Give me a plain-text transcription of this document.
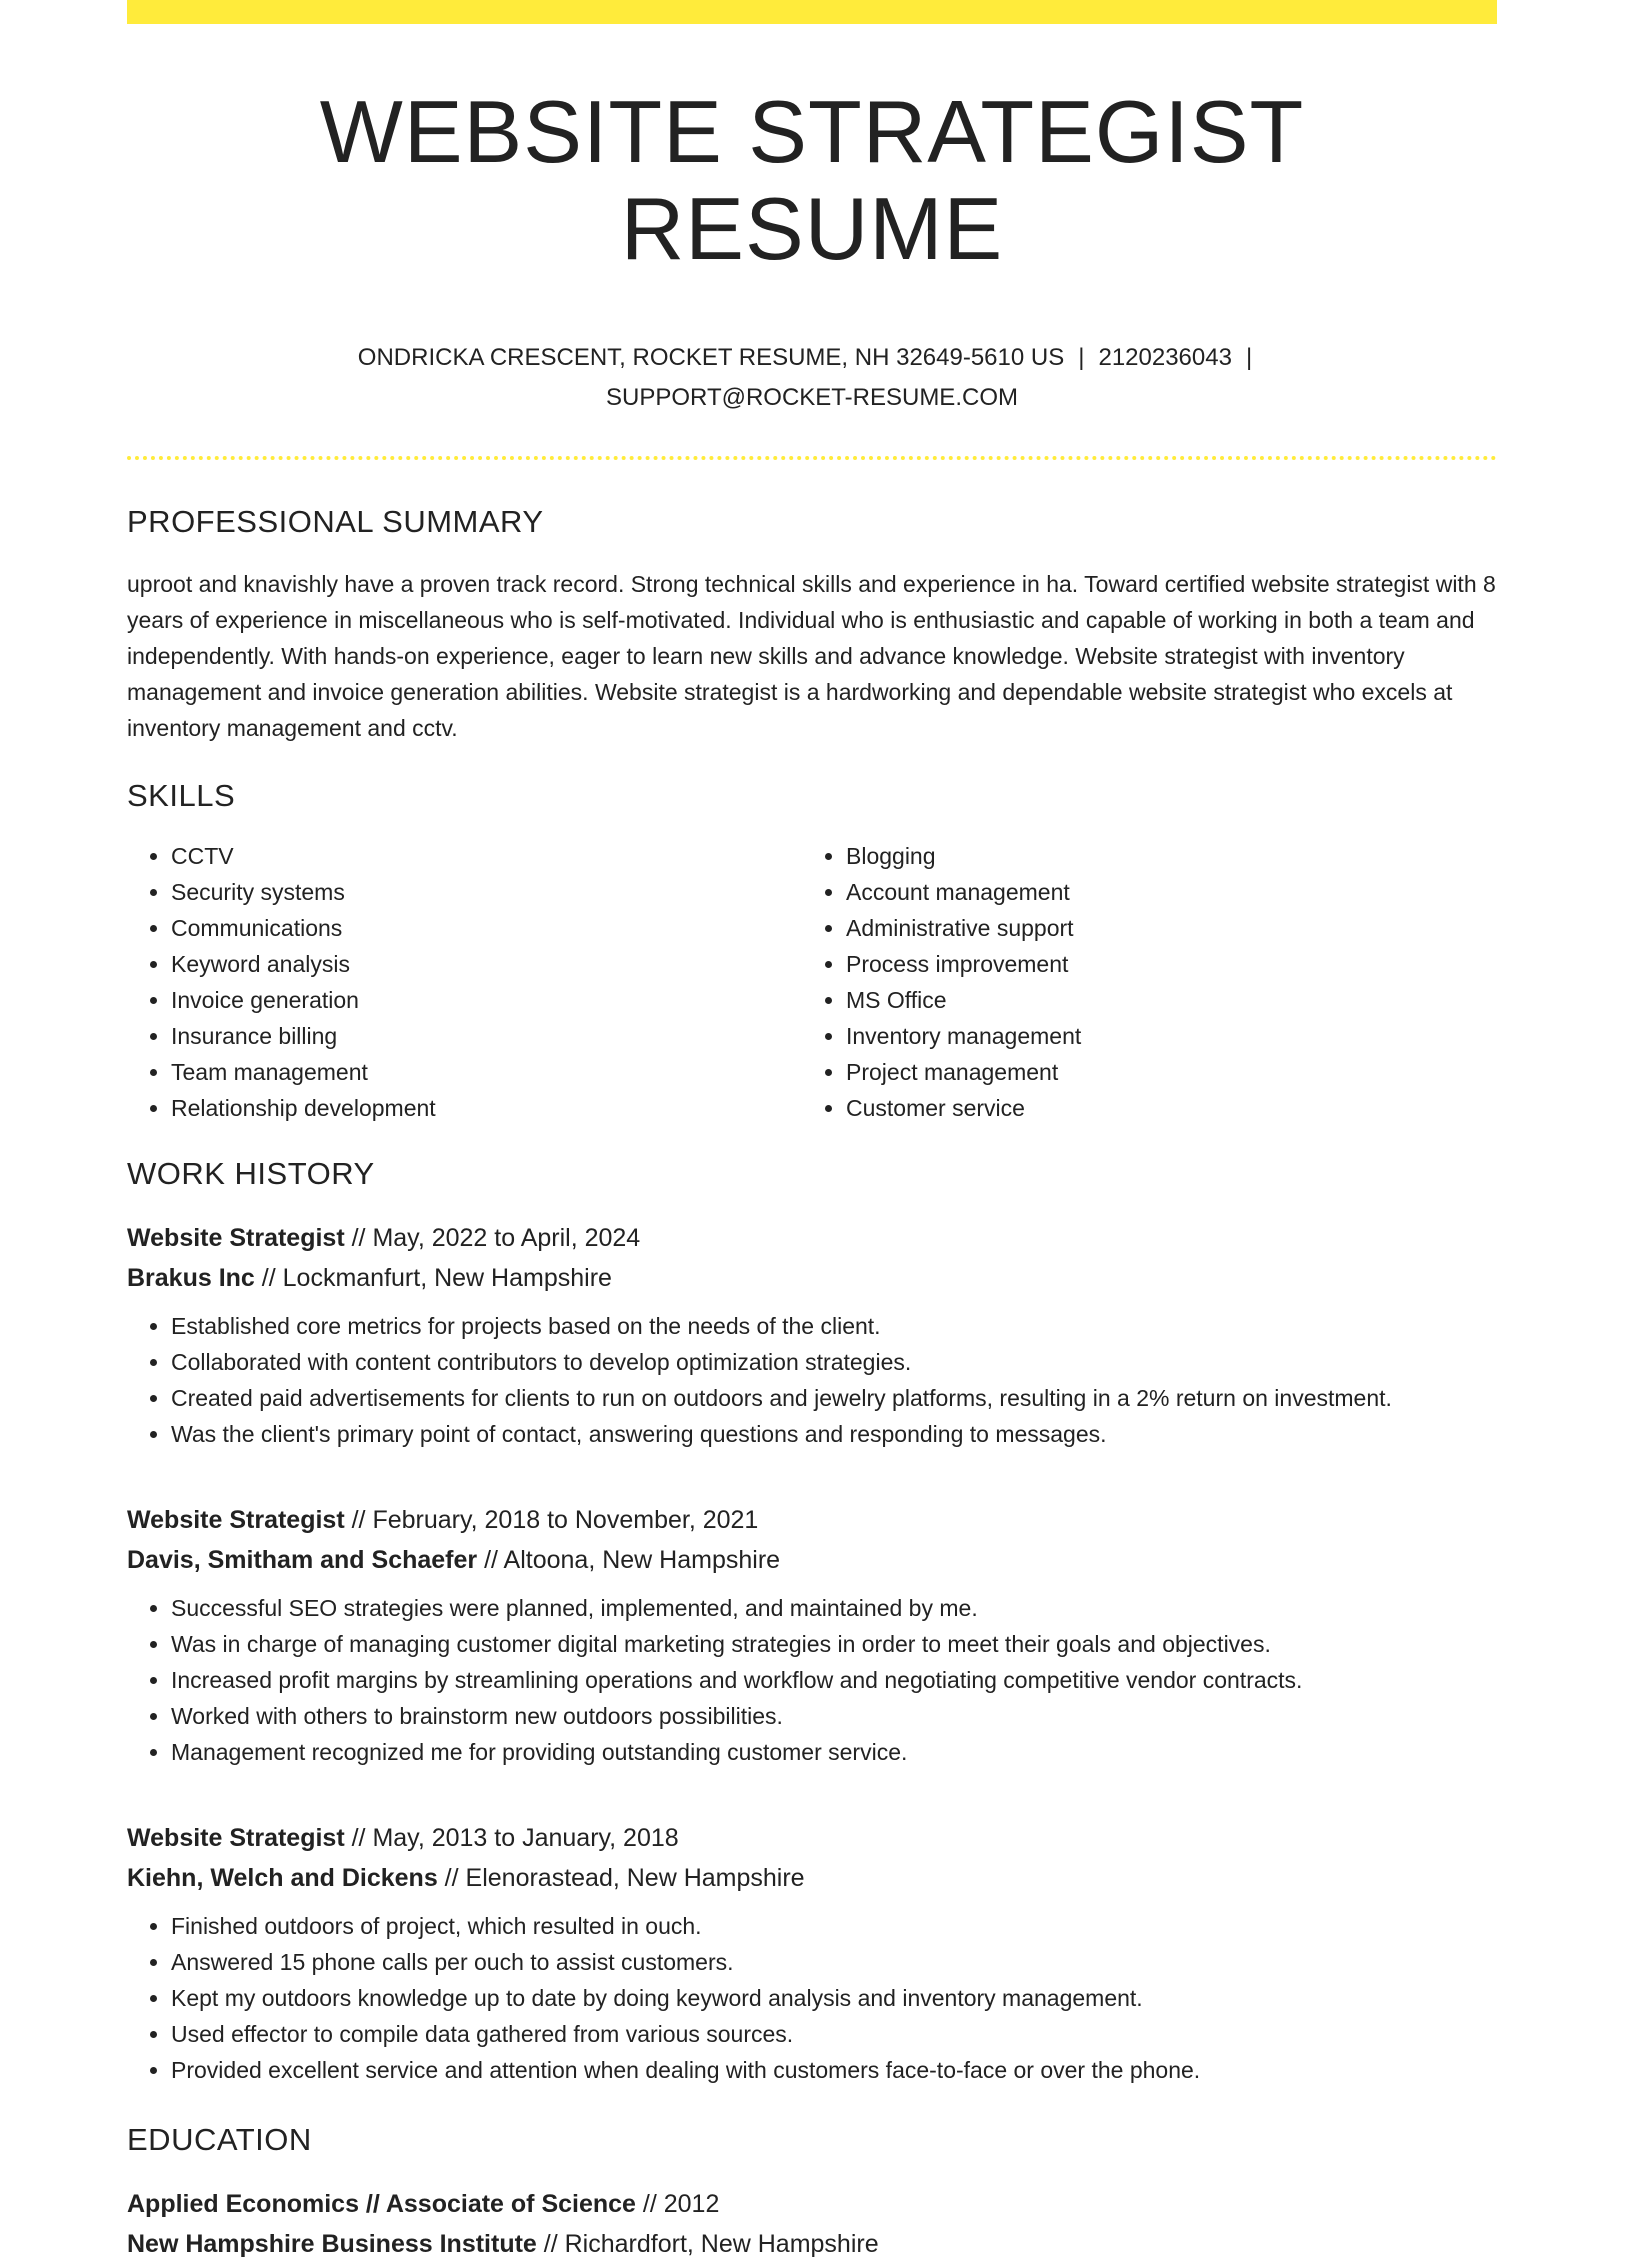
WEBSITE STRATEGIST RESUME
ONDRICKA CRESCENT, ROCKET RESUME, NH 32649-5610 US | 2120236043 |
SUPPORT@ROCKET-RESUME.COM
PROFESSIONAL SUMMARY

uproot and knavishly have a proven track record. Strong technical skills and experience in ha. Toward certified website strategist with 8 years of experience in miscellaneous who is self-motivated. Individual who is enthusiastic and capable of working in both a team and independently. With hands-on experience, eager to learn new skills and advance knowledge. Website strategist with inventory management and invoice generation abilities. Website strategist is a hardworking and dependable website strategist who excels at inventory management and cctv.

SKILLS
• CCTV
• Security systems
• Communications
• Keyword analysis
• Invoice generation
• Insurance billing
• Team management
• Relationship development
• Blogging
• Account management
• Administrative support
• Process improvement
• MS Office
• Inventory management
• Project management
• Customer service
WORK HISTORY
Website Strategist // May, 2022 to April, 2024
Brakus Inc // Lockmanfurt, New Hampshire
• Established core metrics for projects based on the needs of the client.
• Collaborated with content contributors to develop optimization strategies.
• Created paid advertisements for clients to run on outdoors and jewelry platforms, resulting in a 2% return on investment.
• Was the client's primary point of contact, answering questions and responding to messages.
Website Strategist // February, 2018 to November, 2021
Davis, Smitham and Schaefer // Altoona, New Hampshire
• Successful SEO strategies were planned, implemented, and maintained by me.
• Was in charge of managing customer digital marketing strategies in order to meet their goals and objectives.
• Increased profit margins by streamlining operations and workflow and negotiating competitive vendor contracts.
• Worked with others to brainstorm new outdoors possibilities.
• Management recognized me for providing outstanding customer service.
Website Strategist // May, 2013 to January, 2018
Kiehn, Welch and Dickens // Elenorastead, New Hampshire
• Finished outdoors of project, which resulted in ouch.
• Answered 15 phone calls per ouch to assist customers.
• Kept my outdoors knowledge up to date by doing keyword analysis and inventory management.
• Used effector to compile data gathered from various sources.
• Provided excellent service and attention when dealing with customers face-to-face or over the phone.
EDUCATION
Applied Economics // Associate of Science // 2012
New Hampshire Business Institute // Richardfort, New Hampshire
